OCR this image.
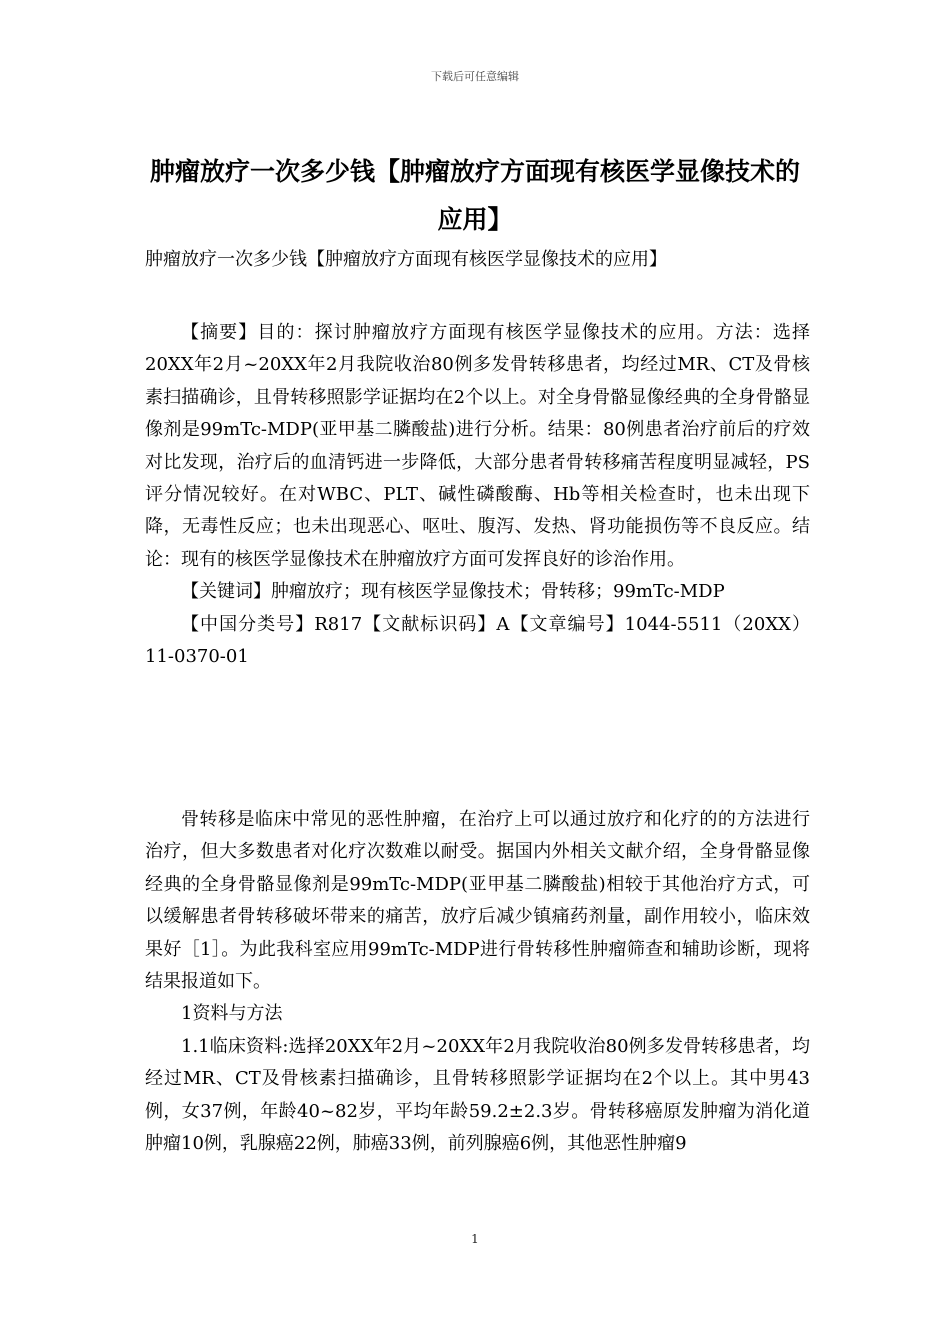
下载后可任意编辑
肿瘤放疗一次多少钱【肿瘤放疗方面现有核医学显像技术的应用】

肿瘤放疗一次多少钱【肿瘤放疗方面现有核医学显像技术的应用】

【摘要】目的：探讨肿瘤放疗方面现有核医学显像技术的应用。方法：选择20XX年2月~20XX年2月我院收治80例多发骨转移患者，均经过MR、CT及骨核素扫描确诊，且骨转移照影学证据均在2个以上。对全身骨骼显像经典的全身骨骼显像剂是99mTc-MDP(亚甲基二膦酸盐)进行分析。结果：80例患者治疗前后的疗效对比发现，治疗后的血清钙进一步降低，大部分患者骨转移痛苦程度明显减轻，PS评分情况较好。在对WBC、PLT、碱性磷酸酶、Hb等相关检查时，也未出现下降，无毒性反应；也未出现恶心、呕吐、腹泻、发热、肾功能损伤等不良反应。结论：现有的核医学显像技术在肿瘤放疗方面可发挥良好的诊治作用。

【关键词】肿瘤放疗；现有核医学显像技术；骨转移；99mTc-MDP

【中国分类号】R817【文献标识码】A【文章编号】1044-5511（20XX）11-0370-01

骨转移是临床中常见的恶性肿瘤，在治疗上可以通过放疗和化疗的的方法进行治疗，但大多数患者对化疗次数难以耐受。据国内外相关文献介绍，全身骨骼显像经典的全身骨骼显像剂是99mTc-MDP(亚甲基二膦酸盐)相较于其他治疗方式，可以缓解患者骨转移破坏带来的痛苦，放疗后减少镇痛药剂量，副作用较小，临床效果好［1］。为此我科室应用99mTc-MDP进行骨转移性肿瘤筛查和辅助诊断，现将结果报道如下。

1资料与方法

1.1临床资料:选择20XX年2月~20XX年2月我院收治80例多发骨转移患者，均经过MR、CT及骨核素扫描确诊，且骨转移照影学证据均在2个以上。其中男43例，女37例，年龄40~82岁，平均年龄59.2±2.3岁。骨转移癌原发肿瘤为消化道肿瘤10例，乳腺癌22例，肺癌33例，前列腺癌6例，其他恶性肿瘤9

1
